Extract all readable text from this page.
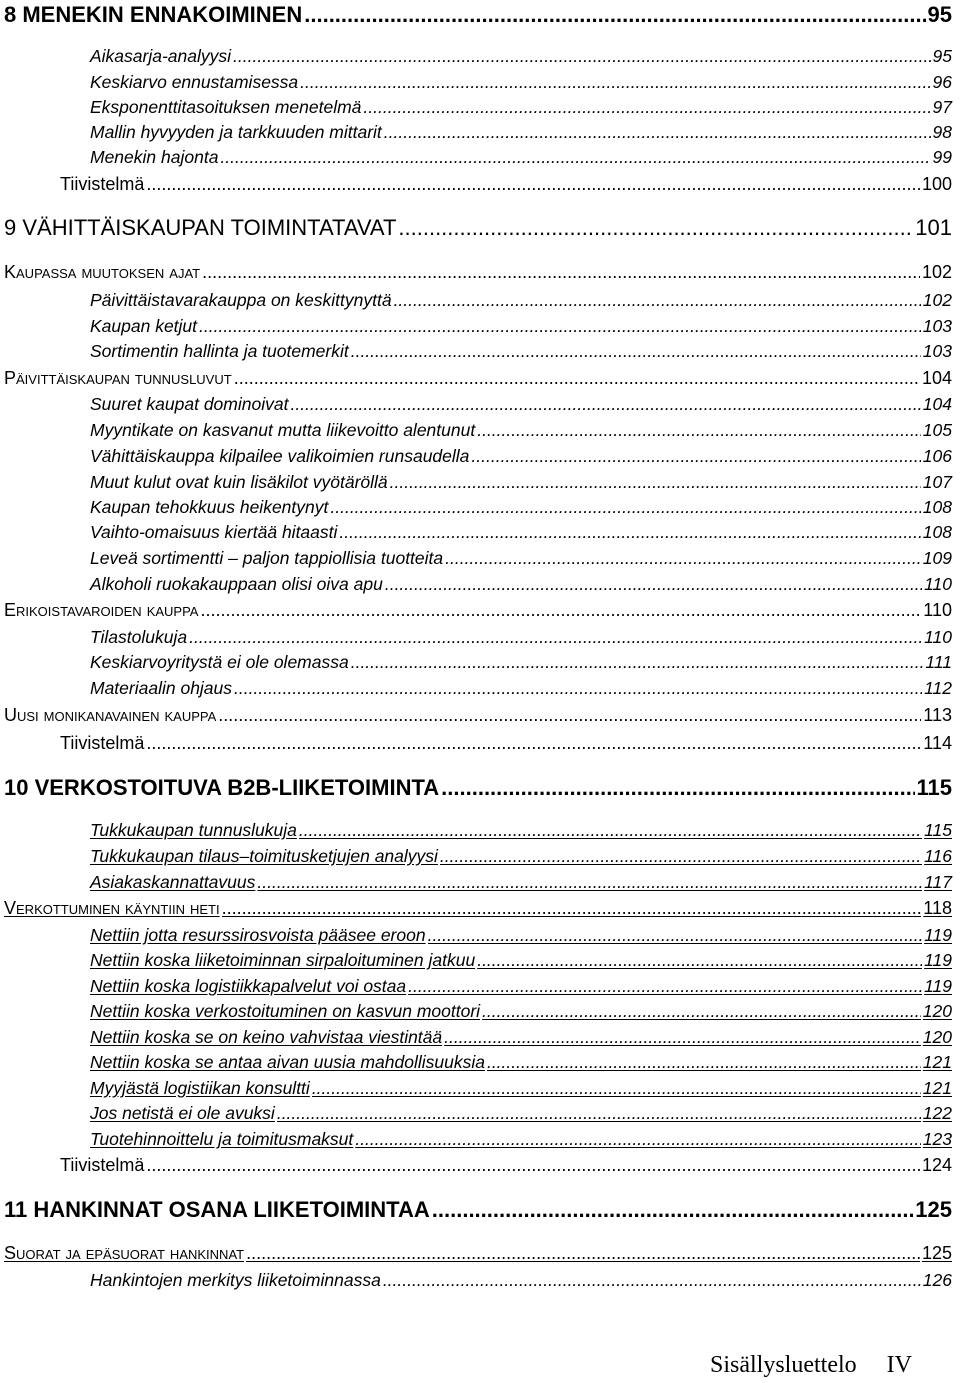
8 MENEKIN ENNAKOIMINEN .....	95
Aikasarja-analyysi .....	95
Keskiarvo ennustamisessa .....	96
Eksponenttitasoituksen menetelmä .....	97
Mallin hyvyyden ja tarkkuuden mittarit .....	98
Menekin hajonta .....	99
Tiivistelmä .....	100
9 VÄHITTÄISKAUPAN TOIMINTATAVAT .....	101
Kaupassa muutoksen ajat .....	102
Päivittäistavarakauppa on keskittynyttä .....	102
Kaupan ketjut .....	103
Sortimentin hallinta ja tuotemerkit .....	103
Päivittäiskaupan tunnusluvut .....	104
Suuret kaupat dominoivat .....	104
Myyntikate on kasvanut mutta liikevoitto alentunut .....	105
Vähittäiskauppa kilpailee valikoimien runsaudella .....	106
Muut kulut ovat kuin lisäkilot vyötäröllä .....	107
Kaupan tehokkuus heikentynyt .....	108
Vaihto-omaisuus kiertää hitaasti .....	108
Leveä sortimentti – paljon tappiollisia tuotteita .....	109
Alkoholi ruokakauppaan olisi oiva apu .....	110
Erikoistavaroiden kauppa .....	110
Tilastolukuja .....	110
Keskiarvoyritystä ei ole olemassa .....	111
Materiaalin ohjaus .....	112
Uusi monikanavainen kauppa .....	113
Tiivistelmä .....	114
10 VERKOSTOITUVA B2B-LIIKETOIMINTA .....	115
Tukkukaupan tunnuslukuja .....	115
Tukkukaupan tilaus–toimitusketjujen analyysi .....	116
Asiakaskannattavuus .....	117
Verkottuminen käyntiin heti .....	118
Nettiin jotta resurssirosvoista pääsee eroon .....	119
Nettiin koska liiketoiminnan sirpaloituminen jatkuu .....	119
Nettiin koska logistiikkapalvelut voi ostaa .....	119
Nettiin koska verkostoituminen on kasvun moottori .....	120
Nettiin koska se on keino vahvistaa viestintää .....	120
Nettiin koska se antaa aivan uusia mahdollisuuksia .....	121
Myyjästä logistiikan konsultti .....	121
Jos netistä ei ole avuksi .....	122
Tuotehinnoittelu ja toimitusmaksut .....	123
Tiivistelmä .....	124
11 HANKINNAT OSANA LIIKETOIMINTAA .....	125
Suorat ja epäsuorat hankinnat .....	125
Hankintojen merkitys liiketoiminnassa .....	126
Sisällysluettelo IV
